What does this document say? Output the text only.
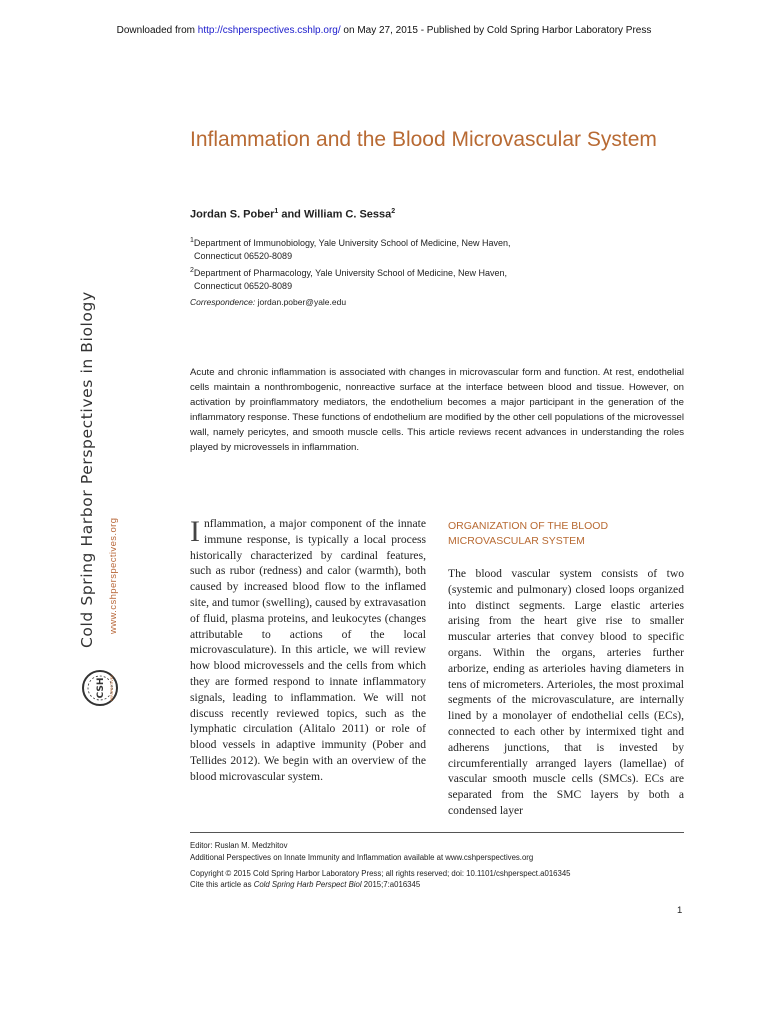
Downloaded from http://cshperspectives.cshlp.org/ on May 27, 2015 - Published by Cold Spring Harbor Laboratory Press
Cold Spring Harbor Perspectives in Biology	www.cshperspectives.org
CSH PERSPECTIVES
Inflammation and the Blood Microvascular System
Jordan S. Pober$^1$ and William C. Sessa$^2$
$^1$Department of Immunobiology, Yale University School of Medicine, New Haven,
Connecticut 06520-8089
$^2$Department of Pharmacology, Yale University School of Medicine, New Haven,
Connecticut 06520-8089
Correspondence: jordan.pober@yale.edu

Acute and chronic inflammation is associated with changes in microvascular form and function. At rest, endothelial cells maintain a nonthrombogenic, nonreactive surface at the interface between blood and tissue. However, on activation by proinflammatory mediators, the endothelium becomes a major participant in the generation of the inflammatory response. These functions of endothelium are modified by the other cell populations of the microvessel wall, namely pericytes, and smooth muscle cells. This article reviews recent advances in understanding the roles played by microvessels in inflammation.

Inflammation, a major component of the innate immune response, is typically a local process historically characterized by cardinal features, such as rubor (redness) and calor (warmth), both caused by increased blood flow to the inflamed site, and tumor (swelling), caused by extravasation of fluid, plasma proteins, and leukocytes (changes attributable to actions of the local microvasculature). In this article, we will review how blood microvessels and the cells from which they are formed respond to innate inflammatory signals, leading to inflammation. We will not discuss recently reviewed topics, such as the lymphatic circulation (Alitalo 2011) or role of blood vessels in adaptive immunity (Pober and Tellides 2012). We begin with an overview of the blood microvascular system.

ORGANIZATION OF THE BLOOD MICROVASCULAR SYSTEM

The blood vascular system consists of two (systemic and pulmonary) closed loops organized into distinct segments. Large elastic arteries arising from the heart give rise to smaller muscular arteries that convey blood to specific organs. Within the organs, arteries further arborize, ending as arterioles having diameters in tens of micrometers. Arterioles, the most proximal segments of the microvasculature, are internally lined by a monolayer of endothelial cells (ECs), connected to each other by intermixed tight and adherens junctions, that is invested by circumferentially arranged layers (lamellae) of vascular smooth muscle cells (SMCs). ECs are separated from the SMC layers by both a condensed layer

Editor: Ruslan M. Medzhitov
Additional Perspectives on Innate Immunity and Inflammation available at www.cshperspectives.org
Copyright © 2015 Cold Spring Harbor Laboratory Press; all rights reserved; doi: 10.1101/cshperspect.a016345
Cite this article as Cold Spring Harb Perspect Biol 2015;7:a016345
1
